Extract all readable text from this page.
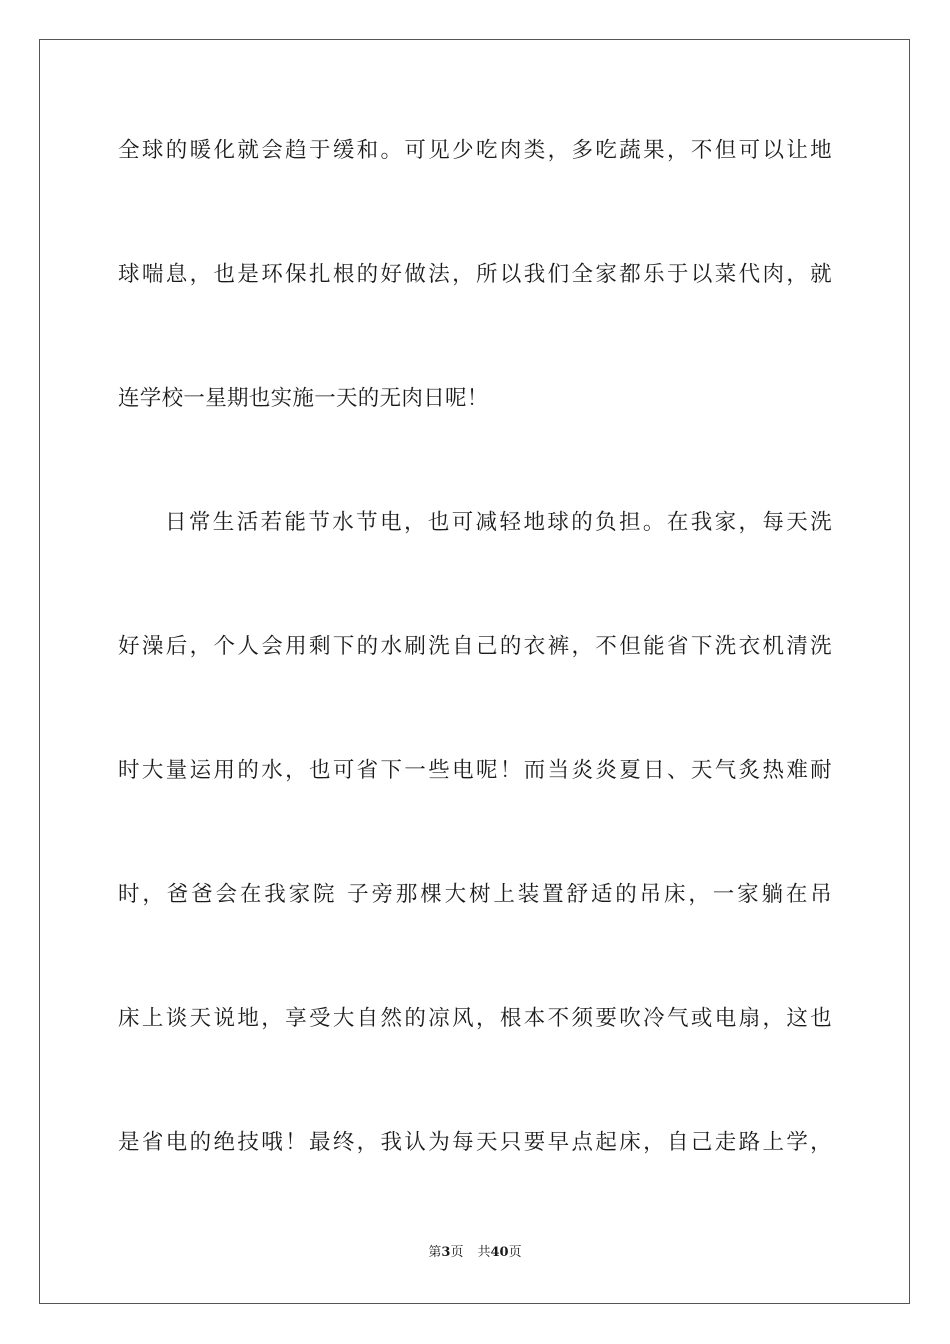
全球的暖化就会趋于缓和。可见少吃肉类，多吃蔬果，不但可以让地
球喘息，也是环保扎根的好做法，所以我们全家都乐于以菜代肉，就
连学校一星期也实施一天的无肉日呢！
日常生活若能节水节电，也可减轻地球的负担。在我家，每天洗
好澡后，个人会用剩下的水刷洗自己的衣裤，不但能省下洗衣机清洗
时大量运用的水，也可省下一些电呢！而当炎炎夏日、天气炙热难耐
时，爸爸会在我家院 子旁那棵大树上装置舒适的吊床，一家躺在吊
床上谈天说地，享受大自然的凉风，根本不须要吹冷气或电扇，这也
是省电的绝技哦！最终，我认为每天只要早点起床，自己走路上学，
第3页 共40页
